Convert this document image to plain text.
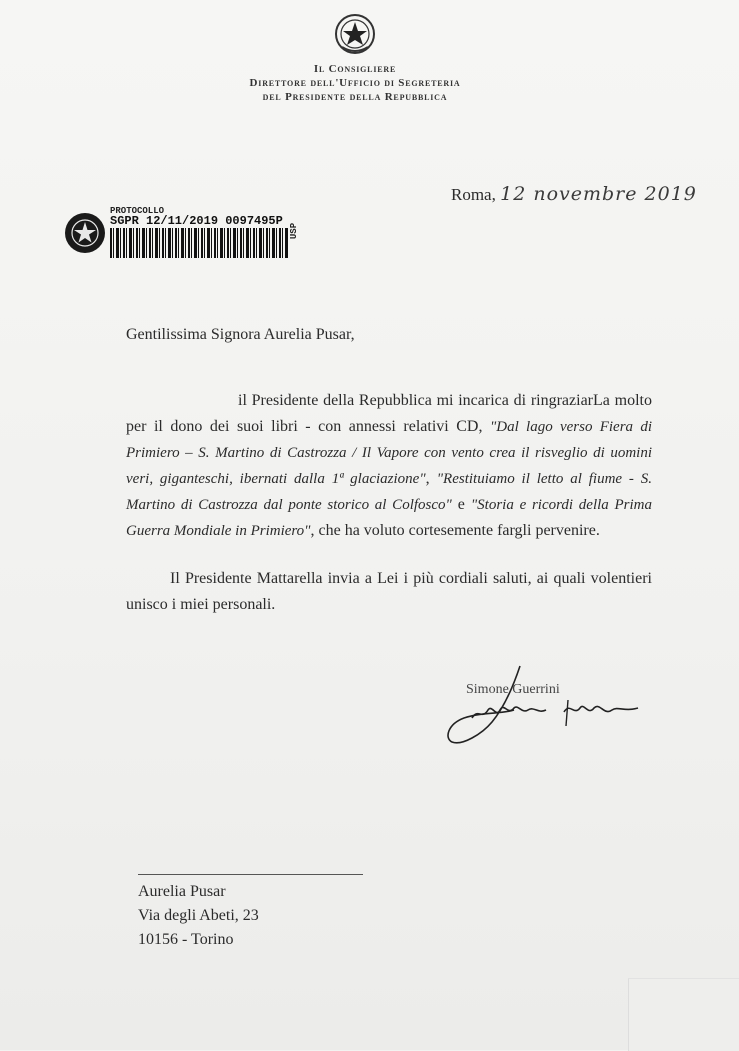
Il Consigliere
Direttore dell'Ufficio di Segreteria
del Presidente della Repubblica
Roma, 12 novembre 2019
PROTOCOLLO
SGPR 12/11/2019 0097495P
USP
Gentilissima Signora Aurelia Pusar,

il Presidente della Repubblica mi incarica di ringraziarLa molto per il dono dei suoi libri - con annessi relativi CD, "Dal lago verso Fiera di Primiero – S. Martino di Castrozza / Il Vapore con vento crea il risveglio di uomini veri, giganteschi, ibernati dalla 1ª glaciazione", "Restituiamo il letto al fiume - S. Martino di Castrozza dal ponte storico al Colfosco" e "Storia e ricordi della Prima Guerra Mondiale in Primiero", che ha voluto cortesemente fargli pervenire.

Il Presidente Mattarella invia a Lei i più cordiali saluti, ai quali volentieri unisco i miei personali.

Simone Guerrini
Aurelia Pusar
Via degli Abeti, 23
10156 - Torino
